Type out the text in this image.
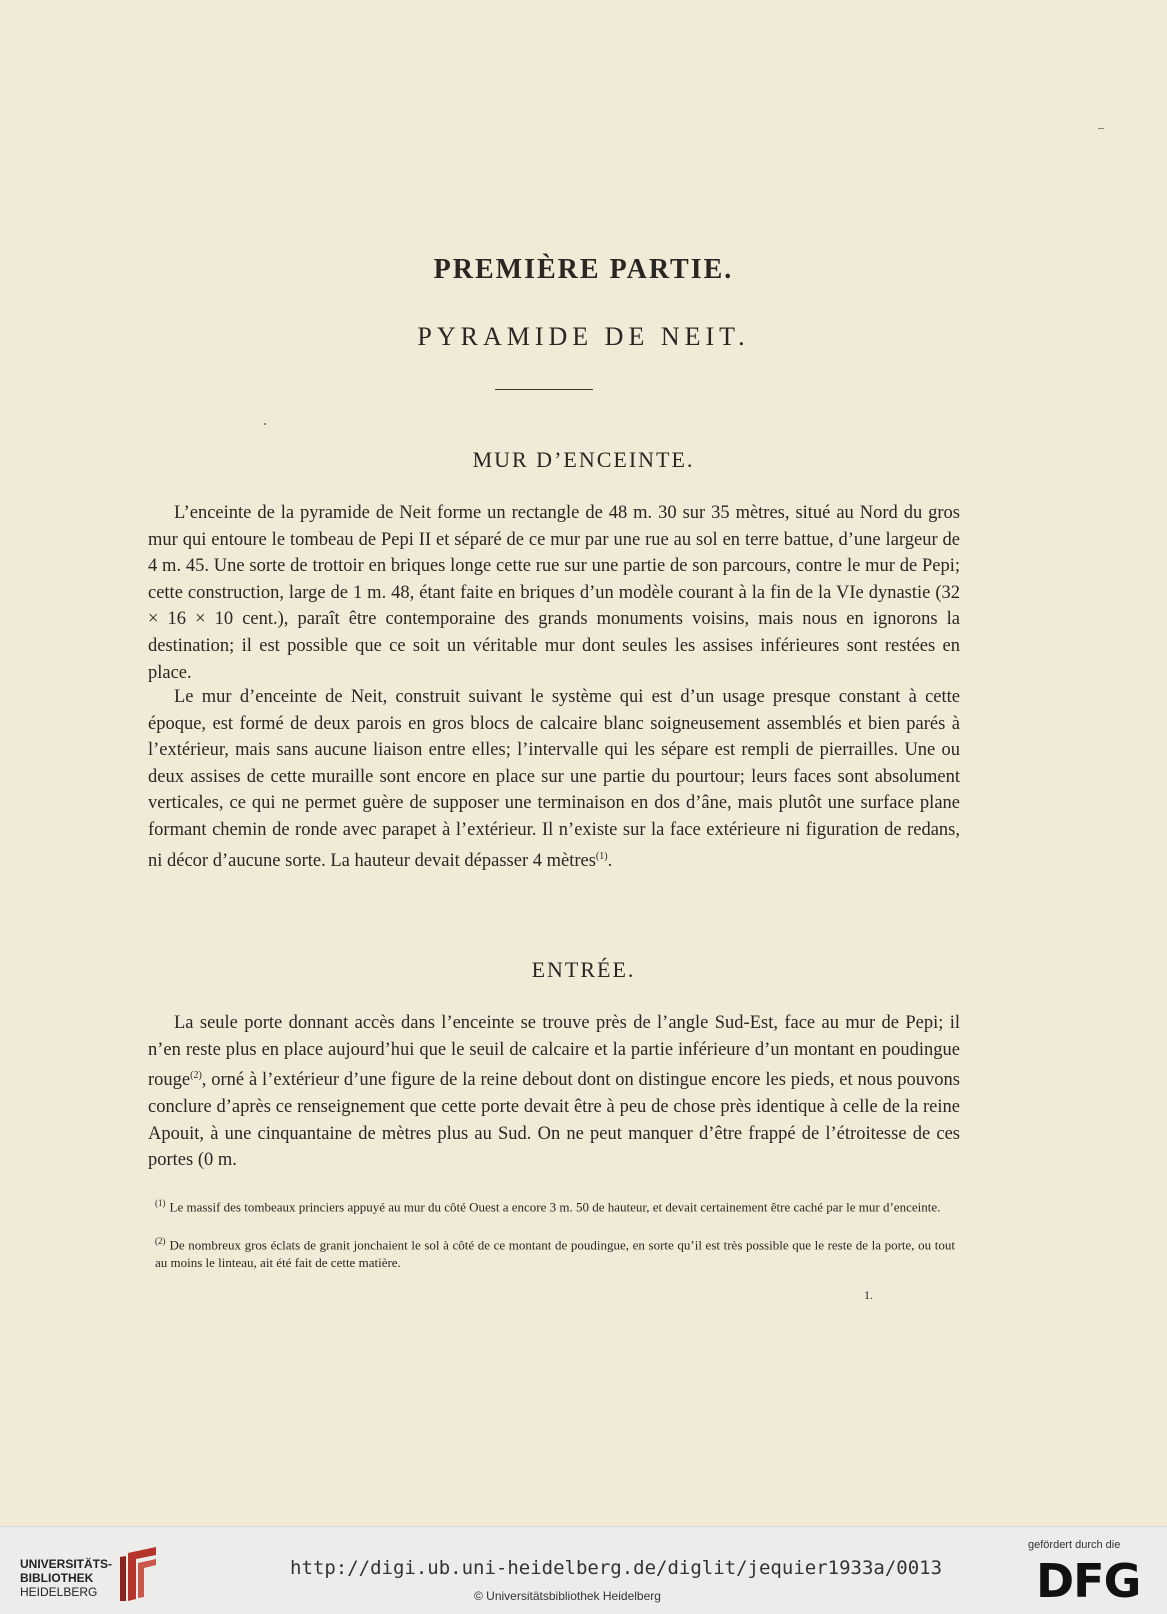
PREMIÈRE PARTIE.
PYRAMIDE DE NEIT.
MUR D’ENCEINTE.

L’enceinte de la pyramide de Neit forme un rectangle de 48 m. 30 sur 35 mètres, situé au Nord du gros mur qui entoure le tombeau de Pepi II et séparé de ce mur par une rue au sol en terre battue, d’une largeur de 4 m. 45. Une sorte de trottoir en briques longe cette rue sur une partie de son parcours, contre le mur de Pepi; cette construction, large de 1 m. 48, étant faite en briques d’un modèle courant à la fin de la VIe dynastie (32 × 16 × 10 cent.), paraît être contemporaine des grands monuments voisins, mais nous en ignorons la destination; il est possible que ce soit un véritable mur dont seules les assises inférieures sont restées en place.

Le mur d’enceinte de Neit, construit suivant le système qui est d’un usage presque constant à cette époque, est formé de deux parois en gros blocs de calcaire blanc soigneusement assemblés et bien parés à l’extérieur, mais sans aucune liaison entre elles; l’intervalle qui les sépare est rempli de pierrailles. Une ou deux assises de cette muraille sont encore en place sur une partie du pourtour; leurs faces sont absolument verticales, ce qui ne permet guère de supposer une terminaison en dos d’âne, mais plutôt une surface plane formant chemin de ronde avec parapet à l’extérieur. Il n’existe sur la face extérieure ni figuration de redans, ni décor d’aucune sorte. La hauteur devait dépasser 4 mètres$^{(1)}$.

ENTRÉE.

La seule porte donnant accès dans l’enceinte se trouve près de l’angle Sud-Est, face au mur de Pepi; il n’en reste plus en place aujourd’hui que le seuil de calcaire et la partie inférieure d’un montant en poudingue rouge$^{(2)}$, orné à l’extérieur d’une figure de la reine debout dont on distingue encore les pieds, et nous pouvons conclure d’après ce renseignement que cette porte devait être à peu de chose près identique à celle de la reine Apouit, à une cinquantaine de mètres plus au Sud. On ne peut manquer d’être frappé de l’étroitesse de ces portes (0 m.

$^{(1)}$ Le massif des tombeaux princiers appuyé au mur du côté Ouest a encore 3 m. 50 de hauteur, et devait certainement être caché par le mur d’enceinte.
$^{(2)}$ De nombreux gros éclats de granit jonchaient le sol à côté de ce montant de poudingue, en sorte qu’il est très possible que le reste de la porte, ou tout au moins le linteau, ait été fait de cette matière.
1.
UNIVERSITÄTS-
BIBLIOTHEK
HEIDELBERG
http://digi.ub.uni-heidelberg.de/diglit/jequier1933a/0013
© Universitätsbibliothek Heidelberg
gefördert durch die
DFG
